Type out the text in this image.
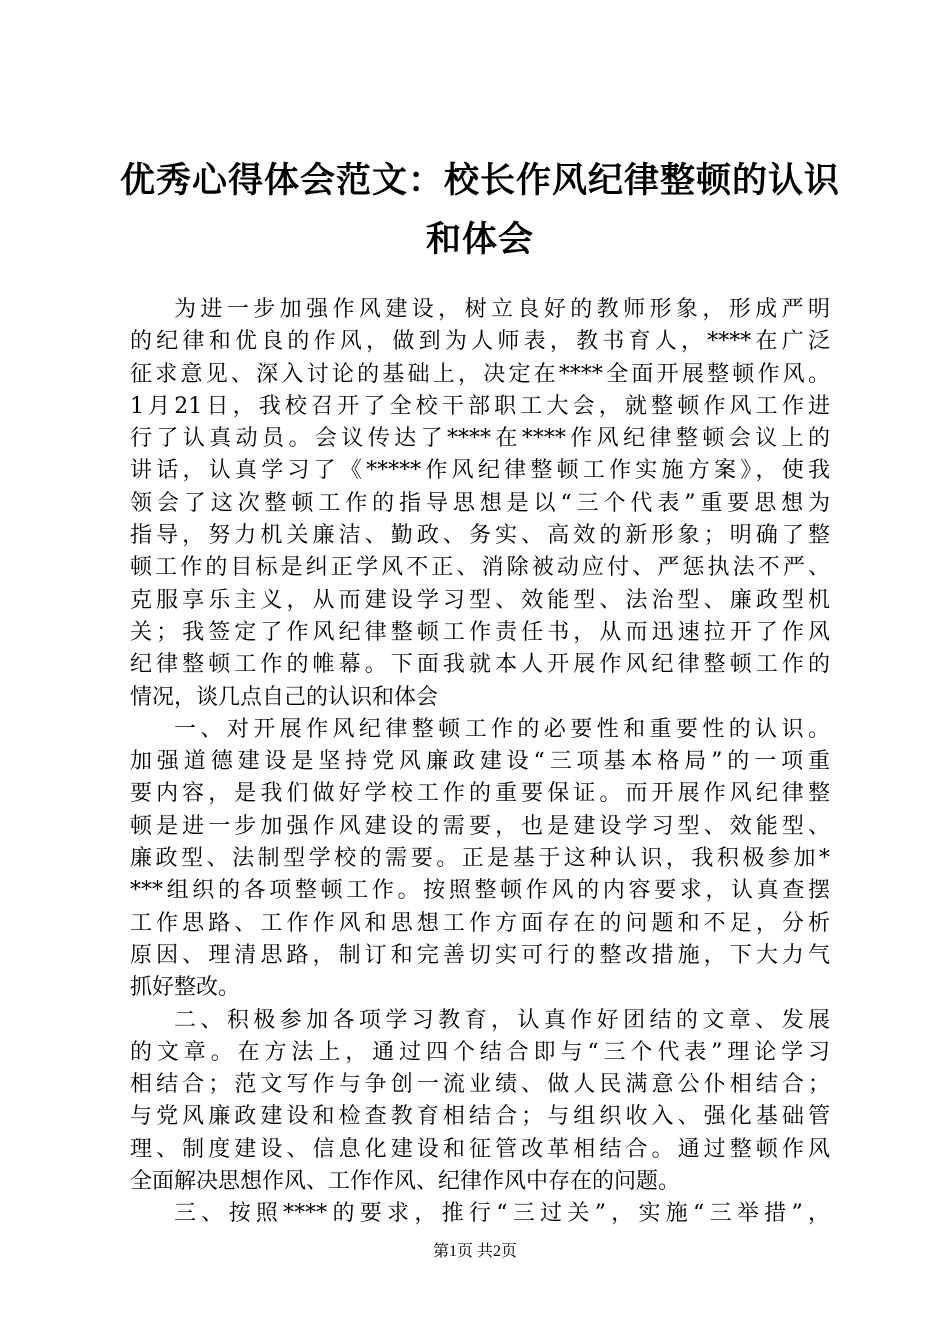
优秀心得体会范文：校长作风纪律整顿的认识
和体会
为进一步加强作风建设，树立良好的教师形象，形成严明
的纪律和优良的作风，做到为人师表，教书育人，****在广泛
征求意见、深入讨论的基础上，决定在****全面开展整顿作风。
1月21日，我校召开了全校干部职工大会，就整顿作风工作进
行了认真动员。会议传达了****在****作风纪律整顿会议上的
讲话，认真学习了《*****作风纪律整顿工作实施方案》，使我
领会了这次整顿工作的指导思想是以“三个代表”重要思想为
指导，努力机关廉洁、勤政、务实、高效的新形象；明确了整
顿工作的目标是纠正学风不正、消除被动应付、严惩执法不严、
克服享乐主义，从而建设学习型、效能型、法治型、廉政型机
关；我签定了作风纪律整顿工作责任书，从而迅速拉开了作风
纪律整顿工作的帷幕。下面我就本人开展作风纪律整顿工作的
情况，谈几点自己的认识和体会
一、对开展作风纪律整顿工作的必要性和重要性的认识。
加强道德建设是坚持党风廉政建设“三项基本格局”的一项重
要内容，是我们做好学校工作的重要保证。而开展作风纪律整
顿是进一步加强作风建设的需要，也是建设学习型、效能型、
廉政型、法制型学校的需要。正是基于这种认识，我积极参加*
***组织的各项整顿工作。按照整顿作风的内容要求，认真查摆
工作思路、工作作风和思想工作方面存在的问题和不足，分析
原因、理清思路，制订和完善切实可行的整改措施，下大力气
抓好整改。
二、积极参加各项学习教育，认真作好团结的文章、发展
的文章。在方法上，通过四个结合即与“三个代表”理论学习
相结合；范文写作与争创一流业绩、做人民满意公仆相结合；
与党风廉政建设和检查教育相结合；与组织收入、强化基础管
理、制度建设、信息化建设和征管改革相结合。通过整顿作风
全面解决思想作风、工作作风、纪律作风中存在的问题。
三、按照****的要求，推行“三过关”，实施“三举措”，
第1页 共2页
